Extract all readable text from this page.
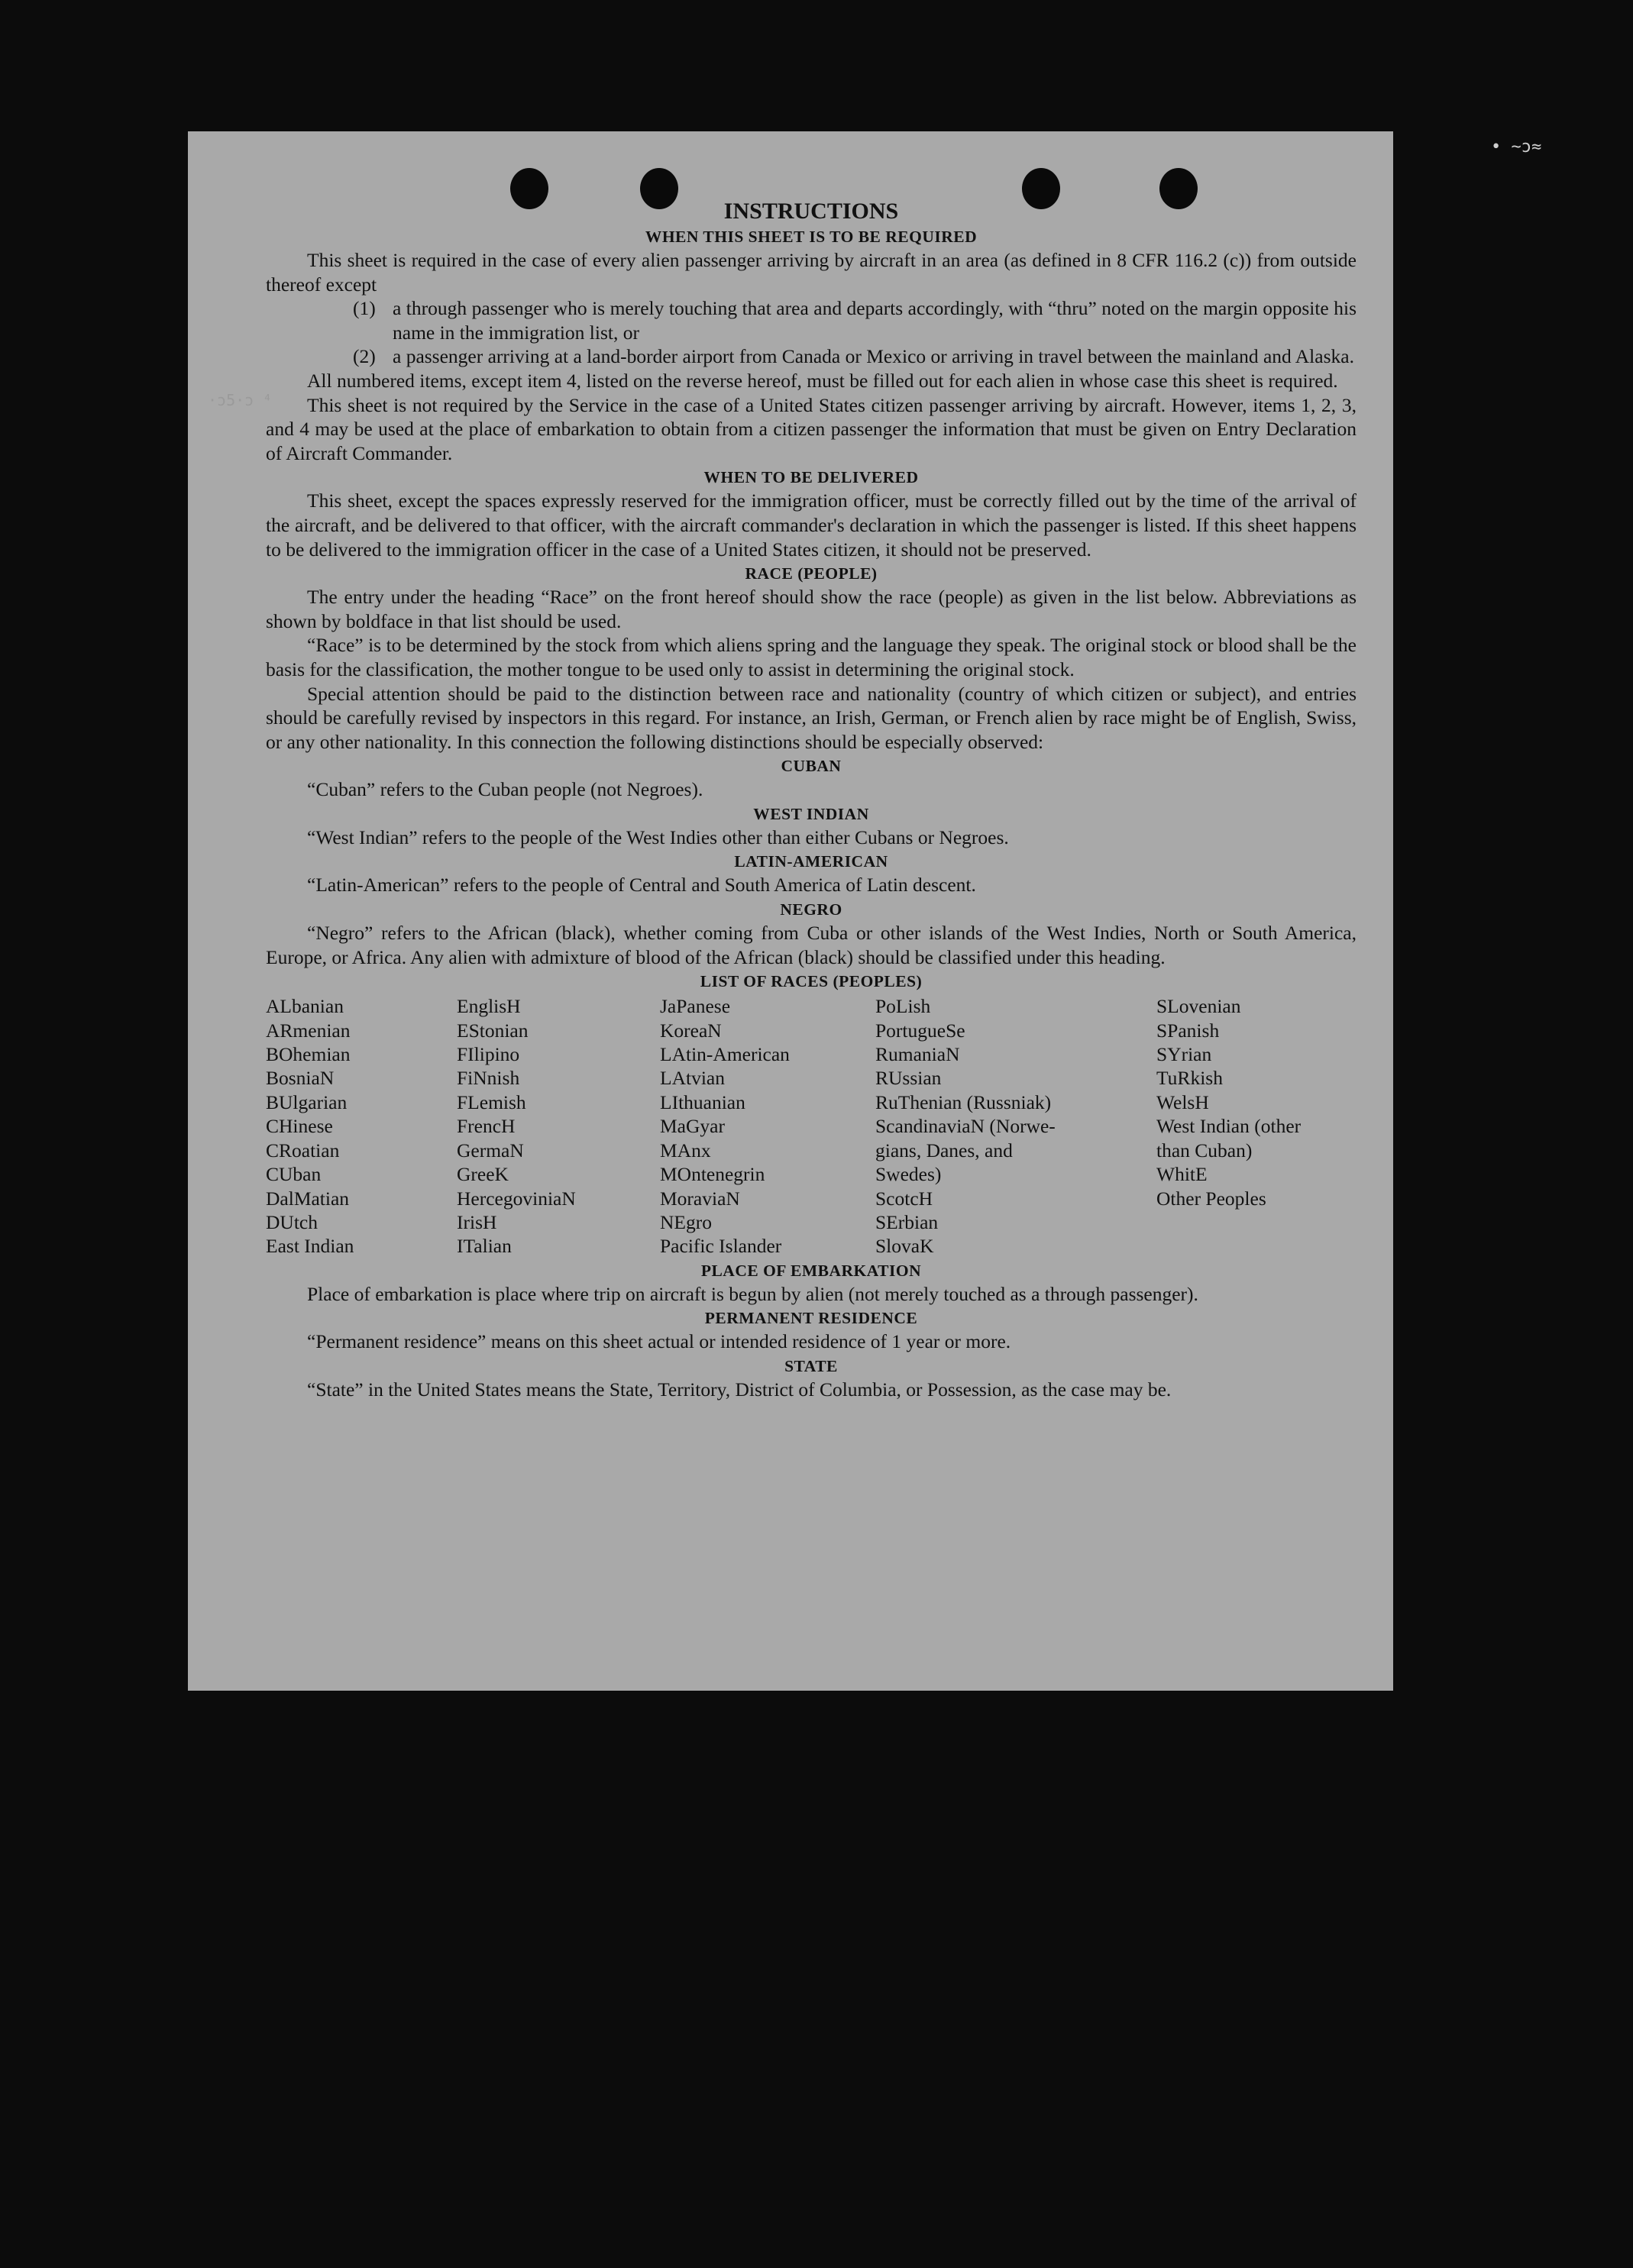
INSTRUCTIONS
WHEN THIS SHEET IS TO BE REQUIRED

This sheet is required in the case of every alien passenger arriving by aircraft in an area (as defined in 8 CFR 116.2 (c)) from outside thereof except

(1) a through passenger who is merely touching that area and departs accordingly, with “thru” noted on the margin opposite his name in the immigration list, or
(2) a passenger arriving at a land-border airport from Canada or Mexico or arriving in travel between the mainland and Alaska.

All numbered items, except item 4, listed on the reverse hereof, must be filled out for each alien in whose case this sheet is required.

This sheet is not required by the Service in the case of a United States citizen passenger arriving by aircraft. However, items 1, 2, 3, and 4 may be used at the place of embarkation to obtain from a citizen passenger the information that must be given on Entry Declaration of Aircraft Commander.

WHEN TO BE DELIVERED

This sheet, except the spaces expressly reserved for the immigration officer, must be correctly filled out by the time of the arrival of the aircraft, and be delivered to that officer, with the aircraft commander's declaration in which the passenger is listed. If this sheet happens to be delivered to the immigration officer in the case of a United States citizen, it should not be preserved.

RACE (PEOPLE)

The entry under the heading “Race” on the front hereof should show the race (people) as given in the list below. Abbreviations as shown by boldface in that list should be used.

“Race” is to be determined by the stock from which aliens spring and the language they speak. The original stock or blood shall be the basis for the classification, the mother tongue to be used only to assist in determining the original stock.

Special attention should be paid to the distinction between race and nationality (country of which citizen or subject), and entries should be carefully revised by inspectors in this regard. For instance, an Irish, German, or French alien by race might be of English, Swiss, or any other nationality. In this connection the following distinctions should be especially observed:

CUBAN

“Cuban” refers to the Cuban people (not Negroes).

WEST INDIAN

“West Indian” refers to the people of the West Indies other than either Cubans or Negroes.

LATIN-AMERICAN

“Latin-American” refers to the people of Central and South America of Latin descent.

NEGRO

“Negro” refers to the African (black), whether coming from Cuba or other islands of the West Indies, North or South America, Europe, or Africa. Any alien with admixture of blood of the African (black) should be classified under this heading.

LIST OF RACES (PEOPLES)
ALbanian
ARmenian
BOhemian
BosniaN
BUlgarian
CHinese
CRoatian
CUban
DalMatian
DUtch
East Indian
EnglisH
EStonian
FIlipino
FiNnish
FLemish
FrencH
GermaN
GreeK
HercegoviniaN
IrisH
ITalian
JaPanese
KoreaN
LAtin-American
LAtvian
LIthuanian
MaGyar
MAnx
MOntenegrin
MoraviaN
NEgro
Pacific Islander
PoLish
PortugueSe
RumaniaN
RUssian
RuThenian (Russniak)
ScandinaviaN (Norwe-
gians, Danes, and
Swedes)
ScotcH
SErbian
SlovaK
SLovenian
SPanish
SYrian
TuRkish
WelsH
West Indian (other
than Cuban)
WhitE
Other Peoples
PLACE OF EMBARKATION

Place of embarkation is place where trip on aircraft is begun by alien (not merely touched as a through passenger).

PERMANENT RESIDENCE

“Permanent residence” means on this sheet actual or intended residence of 1 year or more.

STATE

“State” in the United States means the State, Territory, District of Columbia, or Possession, as the case may be.

·ɔ5·ɔ ⁴
• ~ɔ≈
